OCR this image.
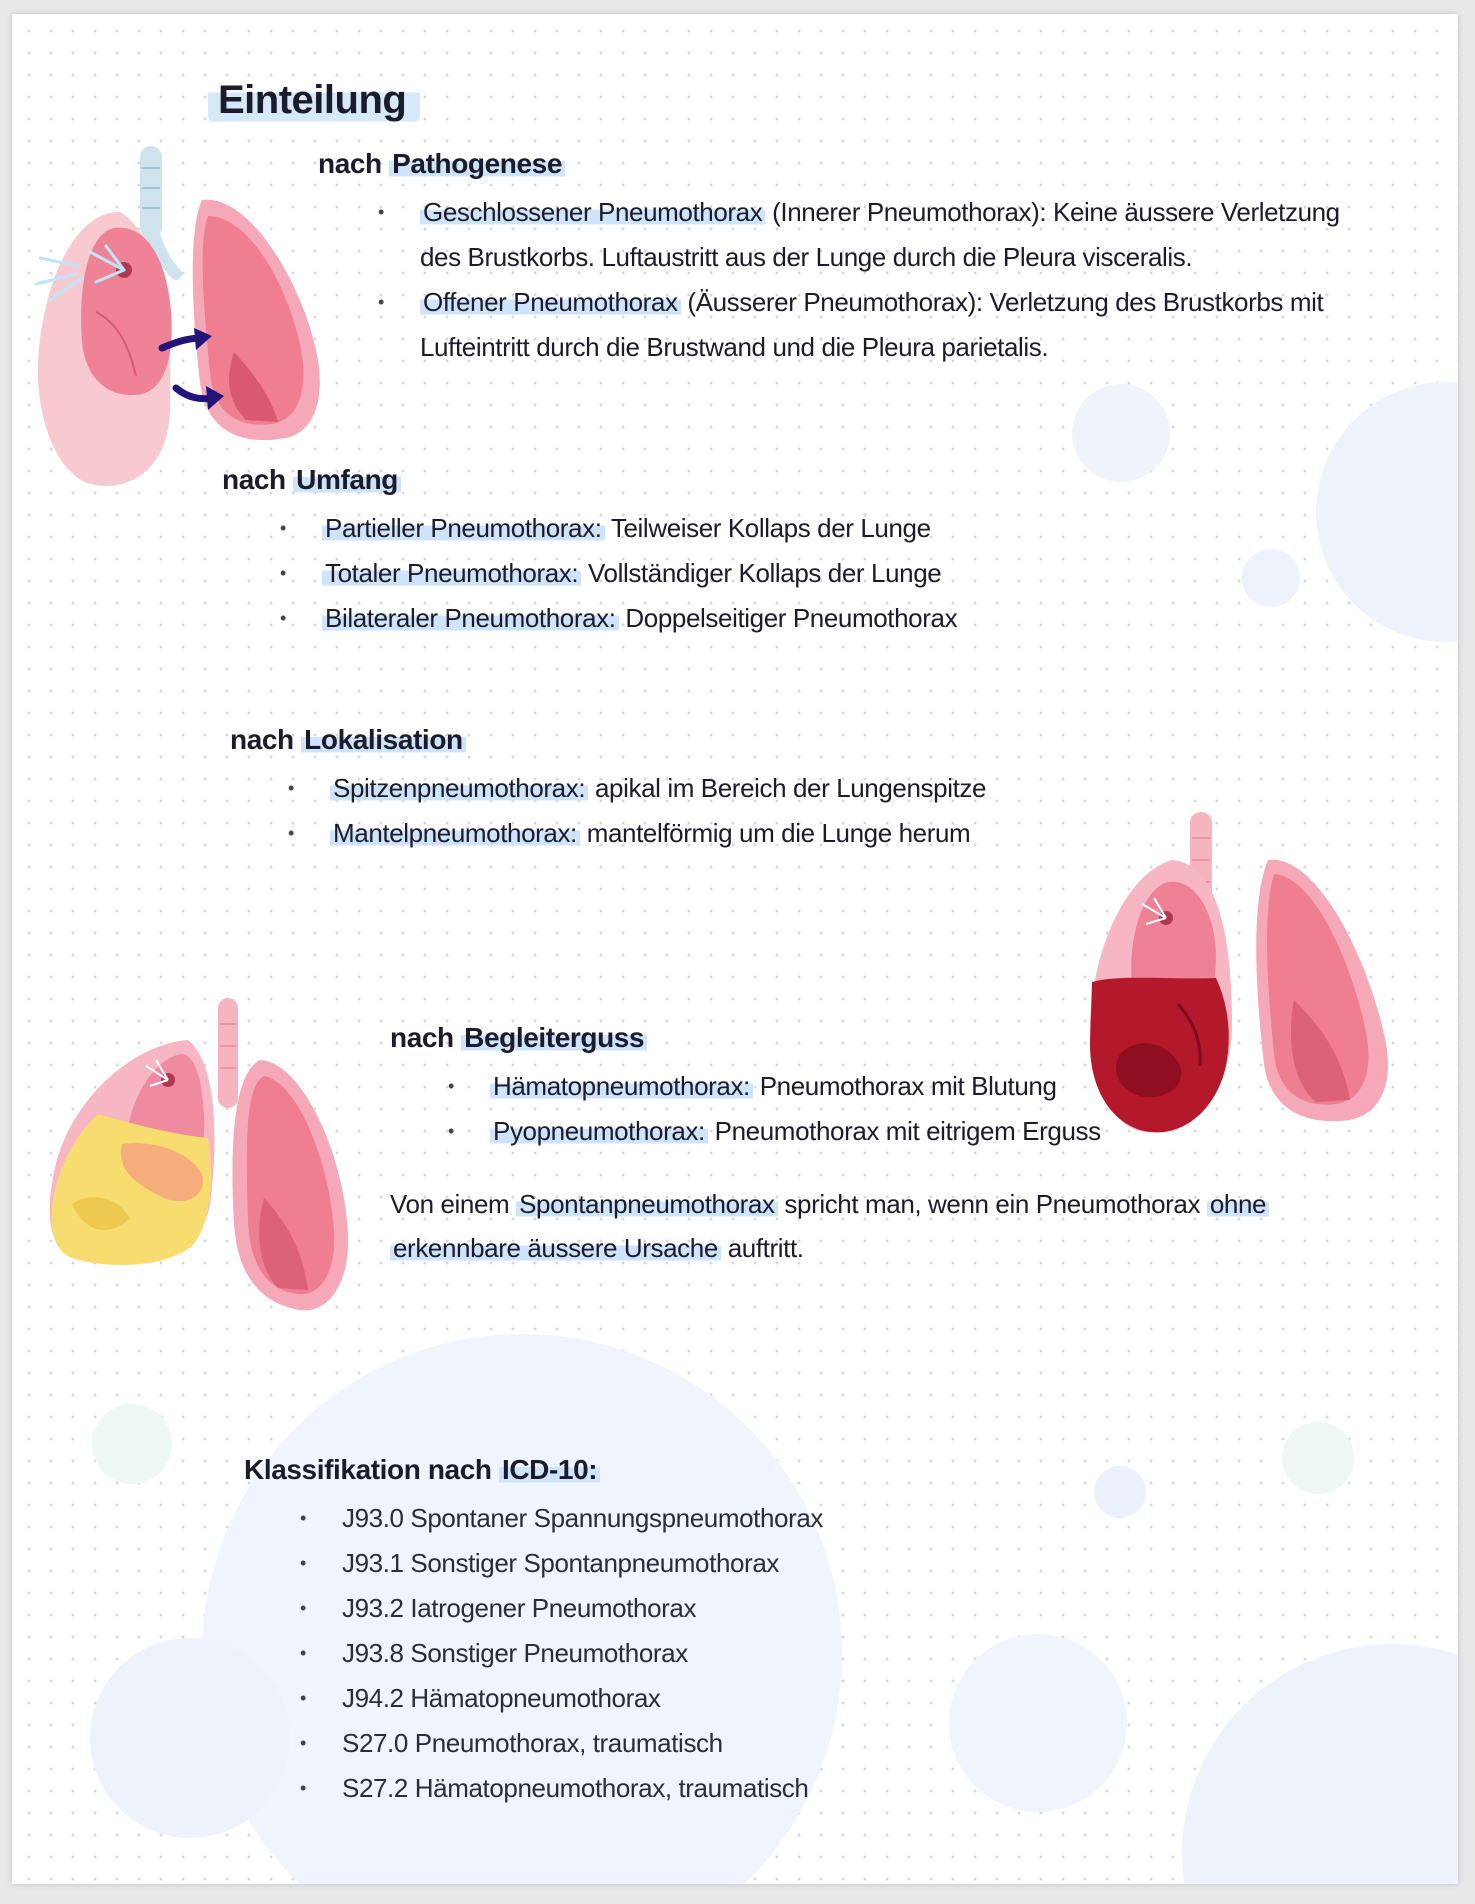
Einteilung
nach Pathogenese
• Geschlossener Pneumothorax (Innerer Pneumothorax): Keine äussere Verletzung
des Brustkorbs. Luftaustritt aus der Lunge durch die Pleura visceralis.
• Offener Pneumothorax (Äusserer Pneumothorax): Verletzung des Brustkorbs mit
Lufteintritt durch die Brustwand und die Pleura parietalis.
nach Umfang
• Partieller Pneumothorax: Teilweiser Kollaps der Lunge
• Totaler Pneumothorax: Vollständiger Kollaps der Lunge
• Bilateraler Pneumothorax: Doppelseitiger Pneumothorax
nach Lokalisation
• Spitzenpneumothorax: apikal im Bereich der Lungenspitze
• Mantelpneumothorax: mantelförmig um die Lunge herum
nach Begleiterguss
• Hämatopneumothorax: Pneumothorax mit Blutung
• Pyopneumothorax: Pneumothorax mit eitrigem Erguss
Von einem Spontanpneumothorax spricht man, wenn ein Pneumothorax ohne
erkennbare äussere Ursache auftritt.
Klassifikation nach ICD-10:
• J93.0 Spontaner Spannungspneumothorax
• J93.1 Sonstiger Spontanpneumothorax
• J93.2 Iatrogener Pneumothorax
• J93.8 Sonstiger Pneumothorax
• J94.2 Hämatopneumothorax
• S27.0 Pneumothorax, traumatisch
• S27.2 Hämatopneumothorax, traumatisch
